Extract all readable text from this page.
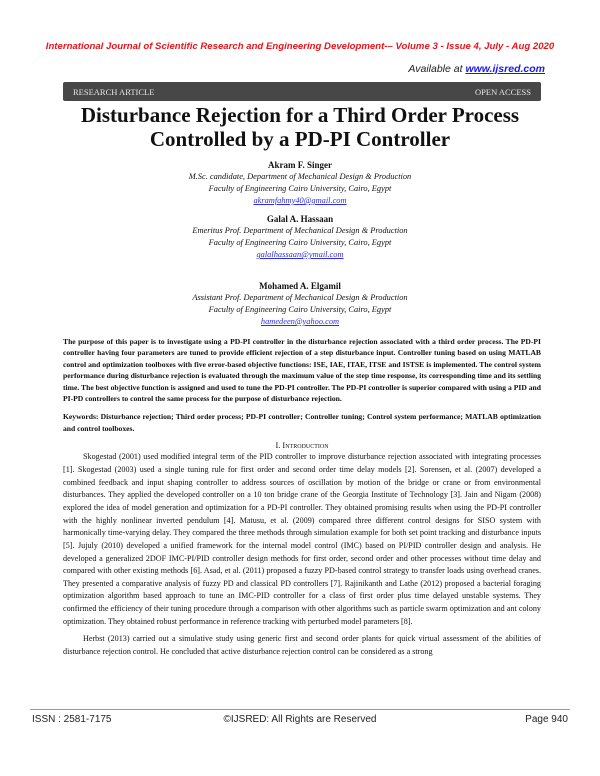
International Journal of Scientific Research and Engineering Development-– Volume 3 - Issue 4, July - Aug 2020
Available at www.ijsred.com
RESEARCH ARTICLE	OPEN ACCESS
Disturbance Rejection for a Third Order Process
Controlled by a PD-PI Controller
Akram F. Singer
M.Sc. candidate, Department of Mechanical Design & Production
Faculty of Engineering Cairo University, Cairo, Egypt
akramfahmy40@gmail.com
Galal A. Hassaan
Emeritus Prof. Department of Mechanical Design & Production
Faculty of Engineering Cairo University, Cairo, Egypt
galalhassaan@ymail.com
Mohamed A. Elgamil
Assistant Prof. Department of Mechanical Design & Production
Faculty of Engineering Cairo University, Cairo, Egypt
hamedeen@yahoo.com
The purpose of this paper is to investigate using a PD-PI controller in the disturbance rejection associated with a third order process. The PD-PI controller having four parameters are tuned to provide efficient rejection of a step disturbance input. Controller tuning based on using MATLAB control and optimization toolboxes with five error-based objective functions: ISE, IAE, ITAE, ITSE and ISTSE is implemented. The control system performance during disturbance rejection is evaluated through the maximum value of the step time response, its corresponding time and its settling time. The best objective function is assigned and used to tune the PD-PI controller. The PD-PI controller is superior compared with using a PID and PI-PD controllers to control the same process for the purpose of disturbance rejection.
Keywords: Disturbance rejection; Third order process; PD-PI controller; Controller tuning; Control system performance; MATLAB optimization and control toolboxes.
I. Introduction
Skogestad (2001) used modified integral term of the PID controller to improve disturbance rejection associated with integrating processes [1]. Skogestad (2003) used a single tuning rule for first order and second order time delay models [2]. Sorensen, et al. (2007) developed a combined feedback and input shaping controller to address sources of oscillation by motion of the bridge or crane or from environmental disturbances. They applied the developed controller on a 10 ton bridge crane of the Georgia Institute of Technology [3]. Jain and Nigam (2008) explored the idea of model generation and optimization for a PD-PI controller. They obtained promising results when using the PD-PI controller with the highly nonlinear inverted pendulum [4]. Matusu, et al. (2009) compared three different control designs for SISO system with harmonically time-varying delay. They compared the three methods through simulation example for both set point tracking and disturbance inputs [5]. Jujuly (2010) developed a unified framework for the internal model control (IMC) based on PI/PID controller design and analysis. He developed a generalized 2DOF IMC-PI/PID controller design methods for first order, second order and other processes without time delay and compared with other existing methods [6]. Asad, et al. (2011) proposed a fuzzy PD-based control strategy to transfer loads using overhead cranes. They presented a comparative analysis of fuzzy PD and classical PD controllers [7]. Rajinikanth and Lathe (2012) proposed a bacterial foraging optimization algorithm based approach to tune an IMC-PID controller for a class of first order plus time delayed unstable systems. They confirmed the efficiency of their tuning procedure through a comparison with other algorithms such as particle swarm optimization and ant colony optimization. They obtained robust performance in reference tracking with perturbed model parameters [8].
Herbst (2013) carried out a simulative study using generic first and second order plants for quick virtual assessment of the abilities of disturbance rejection control. He concluded that active disturbance rejection control can be considered as a strong
ISSN : 2581-7175	©IJSRED: All Rights are Reserved	Page 940
